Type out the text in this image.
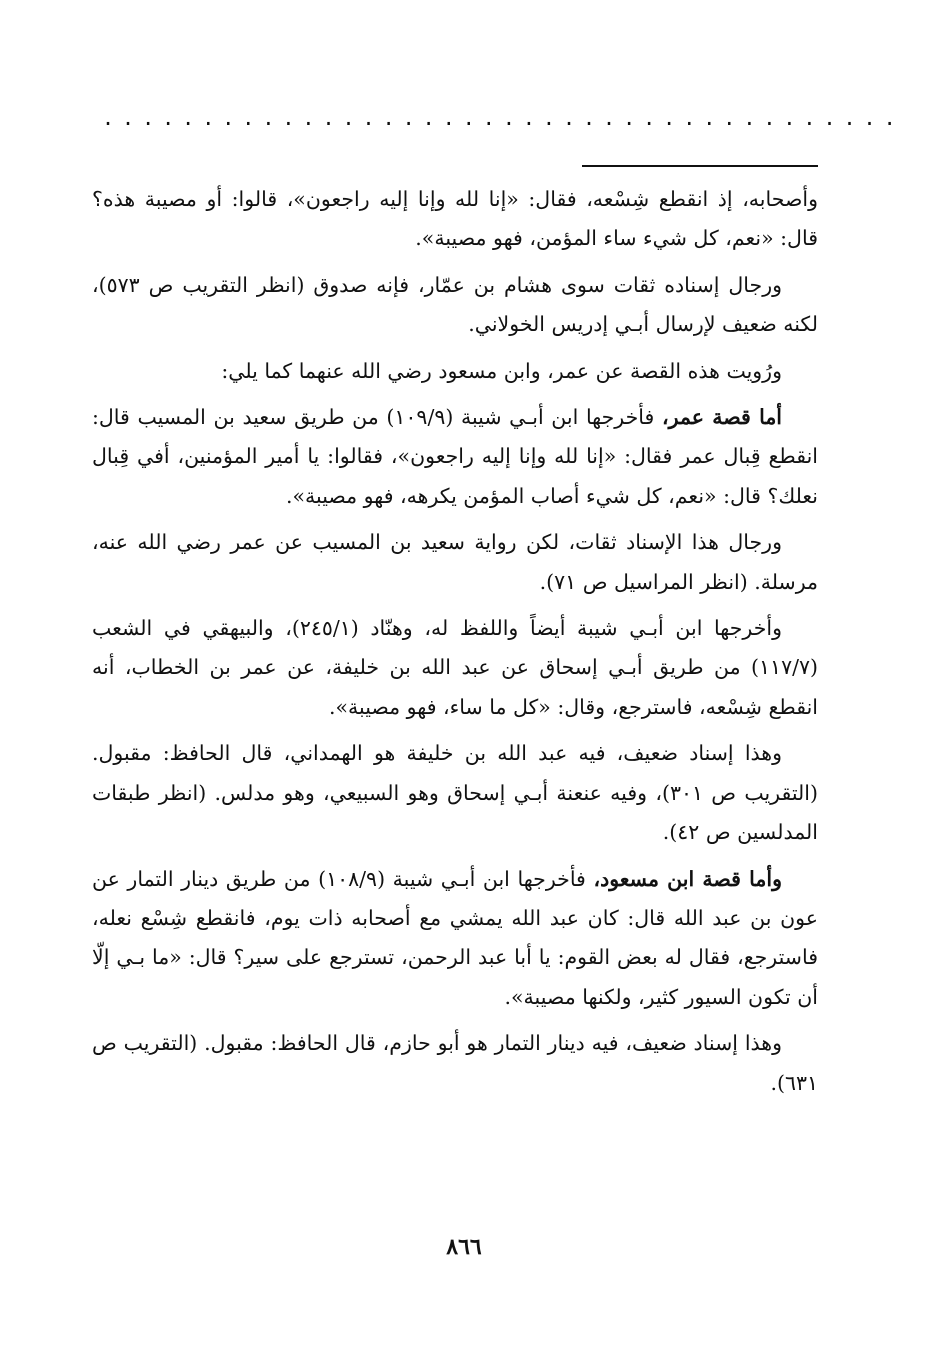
........................................

وأصحابه، إذ انقطع شِسْعه، فقال: «إنا لله وإنا إليه راجعون»، قالوا: أو مصيبة هذه؟ قال: «نعم، كل شيء ساء المؤمن، فهو مصيبة».

ورجال إسناده ثقات سوى هشام بن عمّار، فإنه صدوق (انظر التقريب ص ٥٧٣)، لكنه ضعيف لإرسال أبـي إدريس الخولاني.

ورُويت هذه القصة عن عمر، وابن مسعود رضي الله عنهما كما يلي:

أما قصة عمر، فأخرجها ابن أبـي شيبة (١٠٩/٩) من طريق سعيد بن المسيب قال: انقطع قِبال عمر فقال: «إنا لله وإنا إليه راجعون»، فقالوا: يا أمير المؤمنين، أفي قِبال نعلك؟ قال: «نعم، كل شيء أصاب المؤمن يكرهه، فهو مصيبة».

ورجال هذا الإسناد ثقات، لكن رواية سعيد بن المسيب عن عمر رضي الله عنه، مرسلة. (انظر المراسيل ص ٧١).

وأخرجها ابن أبـي شيبة أيضاً واللفظ له، وهنّاد (٢٤٥/١)، والبيهقي في الشعب (١١٧/٧) من طريق أبـي إسحاق عن عبد الله بن خليفة، عن عمر بن الخطاب، أنه انقطع شِسْعه، فاسترجع، وقال: «كل ما ساء، فهو مصيبة».

وهذا إسناد ضعيف، فيه عبد الله بن خليفة هو الهمداني، قال الحافظ: مقبول. (التقريب ص ٣٠١)، وفيه عنعنة أبـي إسحاق وهو السبيعي، وهو مدلس. (انظر طبقات المدلسين ص ٤٢).

وأما قصة ابن مسعود، فأخرجها ابن أبـي شيبة (١٠٨/٩) من طريق دينار التمار عن عون بن عبد الله قال: كان عبد الله يمشي مع أصحابه ذات يوم، فانقطع شِسْع نعله، فاسترجع، فقال له بعض القوم: يا أبا عبد الرحمن، تسترجع على سير؟ قال: «ما بـي إلّا أن تكون السيور كثير، ولكنها مصيبة».

وهذا إسناد ضعيف، فيه دينار التمار هو أبو حازم، قال الحافظ: مقبول. (التقريب ص ٦٣١).

٨٦٦
